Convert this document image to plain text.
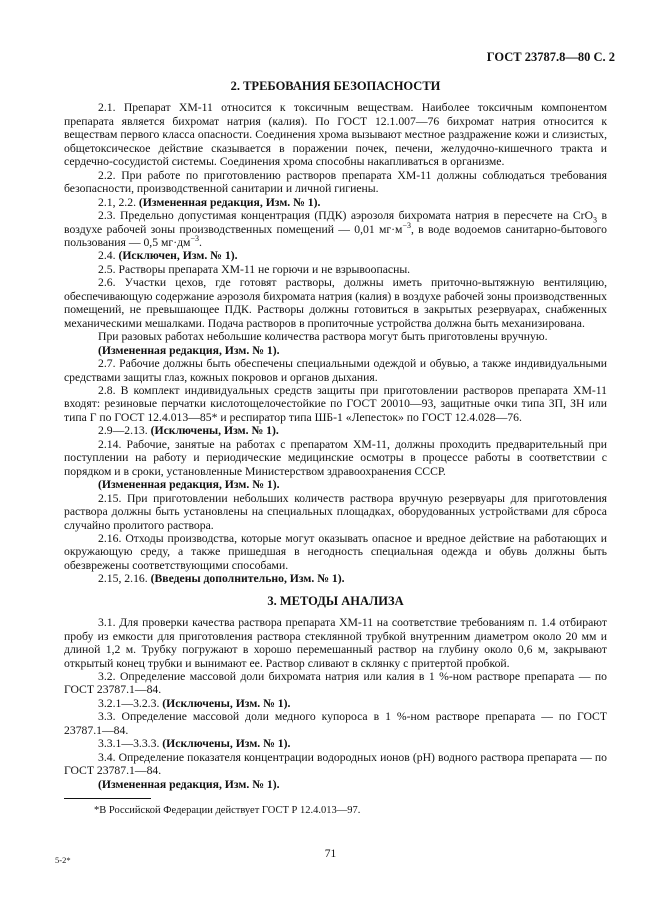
ГОСТ 23787.8—80 С. 2
2. ТРЕБОВАНИЯ БЕЗОПАСНОСТИ

2.1. Препарат ХМ-11 относится к токсичным веществам. Наиболее токсичным компонентом препарата является бихромат натрия (калия). По ГОСТ 12.1.007—76 бихромат натрия относится к веществам первого класса опасности. Соединения хрома вызывают местное раздражение кожи и слизистых, общетоксическое действие сказывается в поражении почек, печени, желудочно-кишечного тракта и сердечно-сосудистой системы. Соединения хрома способны накапливаться в организме.

2.2. При работе по приготовлению растворов препарата ХМ-11 должны соблюдаться требования безопасности, производственной санитарии и личной гигиены.

2.1, 2.2. (Измененная редакция, Изм. № 1).

2.3. Предельно допустимая концентрация (ПДК) аэрозоля бихромата натрия в пересчете на CrO$_3$ в воздухе рабочей зоны производственных помещений — 0,01 $мг\cdot м^{-3}$, в воде водоемов санитарно-бытового пользования — 0,5 $мг\cdot дм^{-3}$.

2.4. (Исключен, Изм. № 1).

2.5. Растворы препарата ХМ-11 не горючи и не взрывоопасны.

2.6. Участки цехов, где готовят растворы, должны иметь приточно-вытяжную вентиляцию, обеспечивающую содержание аэрозоля бихромата натрия (калия) в воздухе рабочей зоны производственных помещений, не превышающее ПДК. Растворы должны готовиться в закрытых резервуарах, снабженных механическими мешалками. Подача растворов в пропиточные устройства должна быть механизирована.

При разовых работах небольшие количества раствора могут быть приготовлены вручную.

(Измененная редакция, Изм. № 1).

2.7. Рабочие должны быть обеспечены специальными одеждой и обувью, а также индивидуальными средствами защиты глаз, кожных покровов и органов дыхания.

2.8. В комплект индивидуальных средств защиты при приготовлении растворов препарата ХМ-11 входят: резиновые перчатки кислотощелочестойкие по ГОСТ 20010—93, защитные очки типа ЗП, ЗН или типа Г по ГОСТ 12.4.013—85* и респиратор типа ШБ-1 «Лепесток» по ГОСТ 12.4.028—76.

2.9—2.13. (Исключены, Изм. № 1).

2.14. Рабочие, занятые на работах с препаратом ХМ-11, должны проходить предварительный при поступлении на работу и периодические медицинские осмотры в процессе работы в соответствии с порядком и в сроки, установленные Министерством здравоохранения СССР.

(Измененная редакция, Изм. № 1).

2.15. При приготовлении небольших количеств раствора вручную резервуары для приготовления раствора должны быть установлены на специальных площадках, оборудованных устройствами для сброса случайно пролитого раствора.

2.16. Отходы производства, которые могут оказывать опасное и вредное действие на работающих и окружающую среду, а также пришедшая в негодность специальная одежда и обувь должны быть обезврежены соответствующими способами.

2.15, 2.16. (Введены дополнительно, Изм. № 1).

3. МЕТОДЫ АНАЛИЗА

3.1. Для проверки качества раствора препарата ХМ-11 на соответствие требованиям п. 1.4 отбирают пробу из емкости для приготовления раствора стеклянной трубкой внутренним диаметром около 20 мм и длиной 1,2 м. Трубку погружают в хорошо перемешанный раствор на глубину около 0,6 м, закрывают открытый конец трубки и вынимают ее. Раствор сливают в склянку с притертой пробкой.

3.2. Определение массовой доли бихромата натрия или калия в 1 %-ном растворе препарата — по ГОСТ 23787.1—84.

3.2.1—3.2.3. (Исключены, Изм. № 1).

3.3. Определение массовой доли медного купороса в 1 %-ном растворе препарата — по ГОСТ 23787.1—84.

3.3.1—3.3.3. (Исключены, Изм. № 1).

3.4. Определение показателя концентрации водородных ионов (pH) водного раствора препарата — по ГОСТ 23787.1—84.

(Измененная редакция, Изм. № 1).

*В Российской Федерации действует ГОСТ Р 12.4.013—97.
5-2*	71
